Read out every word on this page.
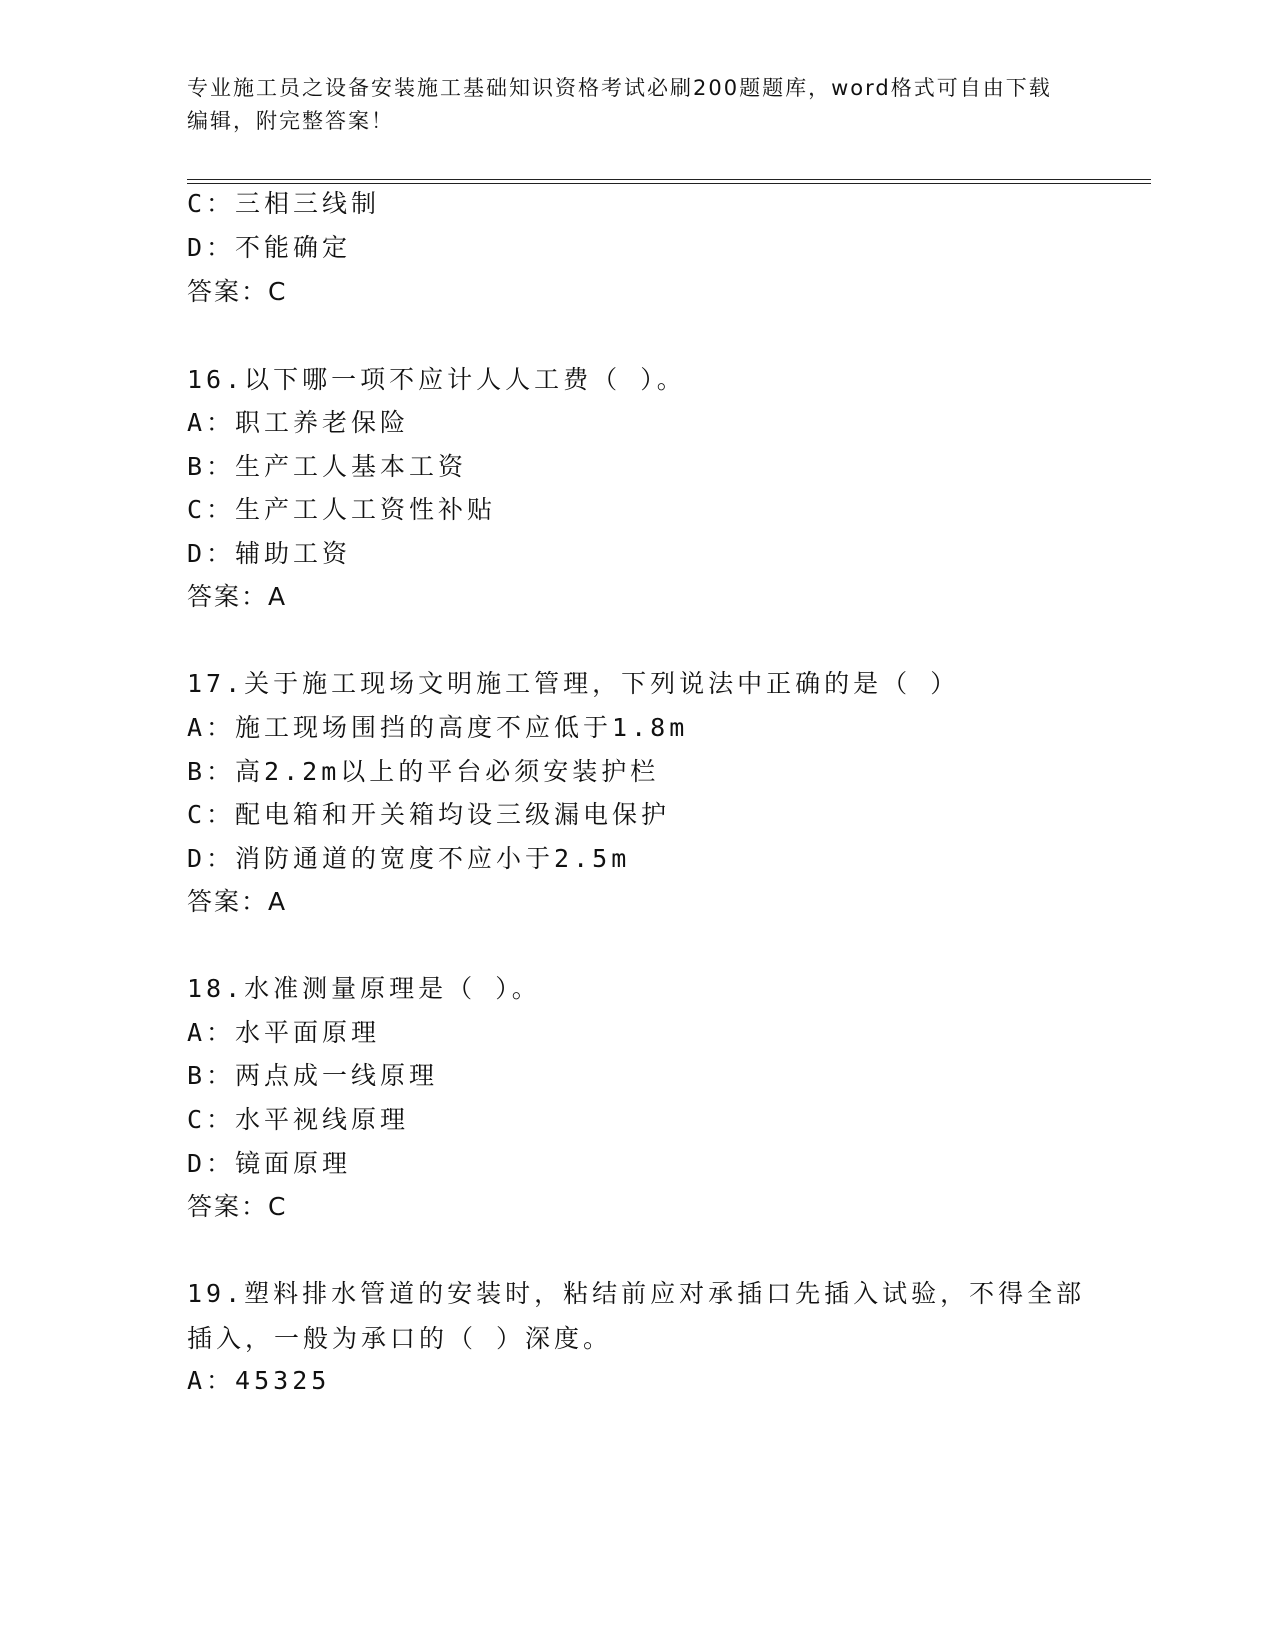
专业施工员之设备安装施工基础知识资格考试必刷200题题库，word格式可自由下载编辑，附完整答案！
C：三相三线制
D：不能确定
答案：C
16.以下哪一项不应计人人工费（ ）。
A：职工养老保险
B：生产工人基本工资
C：生产工人工资性补贴
D：辅助工资
答案：A
17.关于施工现场文明施工管理，下列说法中正确的是（ ）
A：施工现场围挡的高度不应低于1.8m
B：高2.2m以上的平台必须安装护栏
C：配电箱和开关箱均设三级漏电保护
D：消防通道的宽度不应小于2.5m
答案：A
18.水准测量原理是（ ）。
A：水平面原理
B：两点成一线原理
C：水平视线原理
D：镜面原理
答案：C
19.塑料排水管道的安装时，粘结前应对承插口先插入试验，不得全部插入，一般为承口的（ ）深度。
A：45325
